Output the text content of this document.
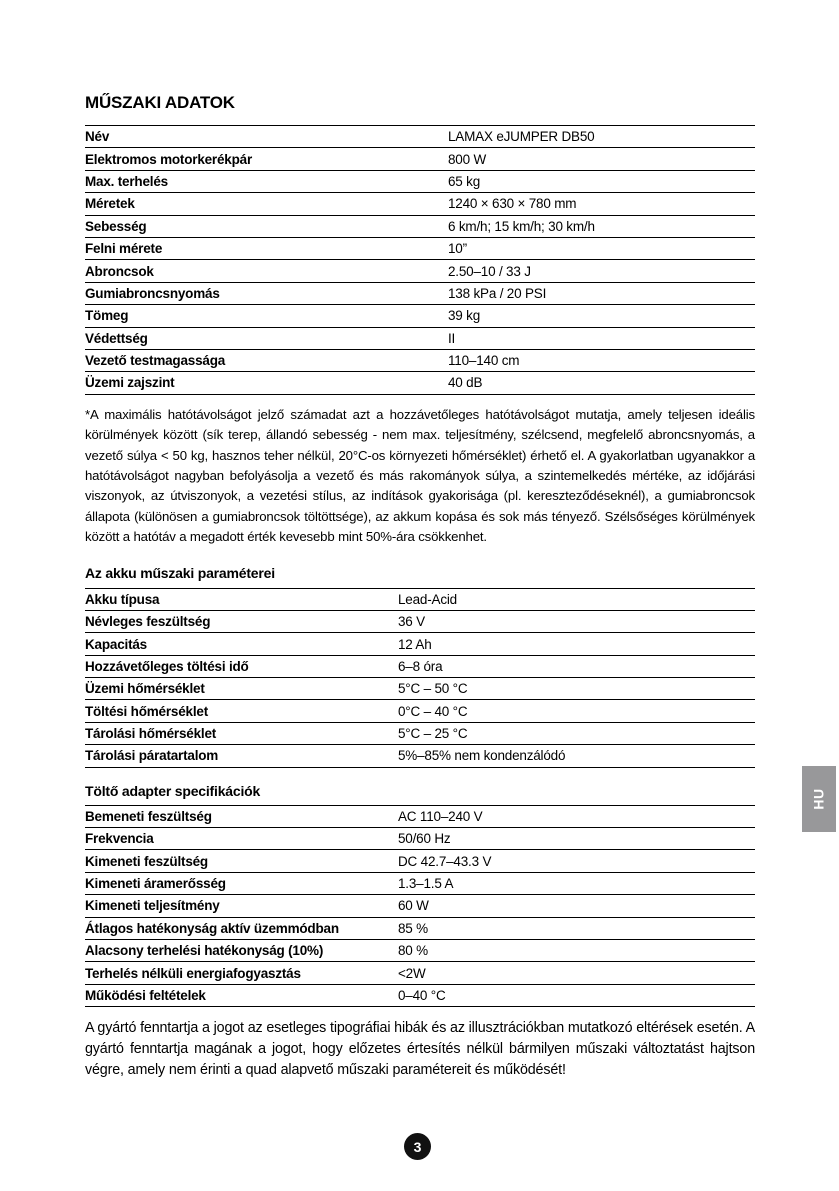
MŰSZAKI ADATOK
Név	LAMAX eJUMPER DB50
Elektromos motorkerékpár	800 W
Max. terhelés	65 kg
Méretek	1240 × 630 × 780 mm
Sebesség	6 km/h; 15 km/h; 30 km/h
Felni mérete	10”
Abroncsok	2.50–10 / 33 J
Gumiabroncsnyomás	138 kPa / 20 PSI
Tömeg	39 kg
Védettség	II
Vezető testmagassága	110–140 cm
Üzemi zajszint	40 dB

*A maximális hatótávolságot jelző számadat azt a hozzávetőleges hatótávolságot mutatja, amely teljesen ideális körülmények között (sík terep, állandó sebesség - nem max. teljesítmény, szélcsend, megfelelő abroncsnyomás, a vezető súlya < 50 kg, hasznos teher nélkül, 20°C-os környezeti hőmérséklet) érhető el. A gyakorlatban ugyanakkor a hatótávolságot nagyban befolyásolja a vezető és más rakományok súlya, a szintemelkedés mértéke, az időjárási viszonyok, az útviszonyok, a vezetési stílus, az indítások gyakorisága (pl. kereszteződéseknél), a gumiabroncsok állapota (különösen a gumiabroncsok töltöttsége), az akkum kopása és sok más tényező. Szélsőséges körülmények között a hatótáv a megadott érték kevesebb mint 50%-ára csökkenhet.

Az akku műszaki paraméterei
Akku típusa	Lead-Acid
Névleges feszültség	36 V
Kapacitás	12 Ah
Hozzávetőleges töltési idő	6–8 óra
Üzemi hőmérséklet	5°C – 50 °C
Töltési hőmérséklet	0°C – 40 °C
Tárolási hőmérséklet	5°C – 25 °C
Tárolási páratartalom	5%–85% nem kondenzálódó
Töltő adapter specifikációk
Bemeneti feszültség	AC 110–240 V
Frekvencia	50/60 Hz
Kimeneti feszültség	DC 42.7–43.3 V
Kimeneti áramerősség	1.3–1.5 A
Kimeneti teljesítmény	60 W
Átlagos hatékonyság aktív üzemmódban	85 %
Alacsony terhelési hatékonyság (10%)	80 %
Terhelés nélküli energiafogyasztás	<2W
Működési feltételek	0–40 °C

A gyártó fenntartja a jogot az esetleges tipográfiai hibák és az illusztrációkban mutatkozó eltérések esetén. A gyártó fenntartja magának a jogot, hogy előzetes értesítés nélkül bármilyen műszaki változtatást hajtson végre, amely nem érinti a quad alapvető műszaki paramétereit és működését!

HU
3
